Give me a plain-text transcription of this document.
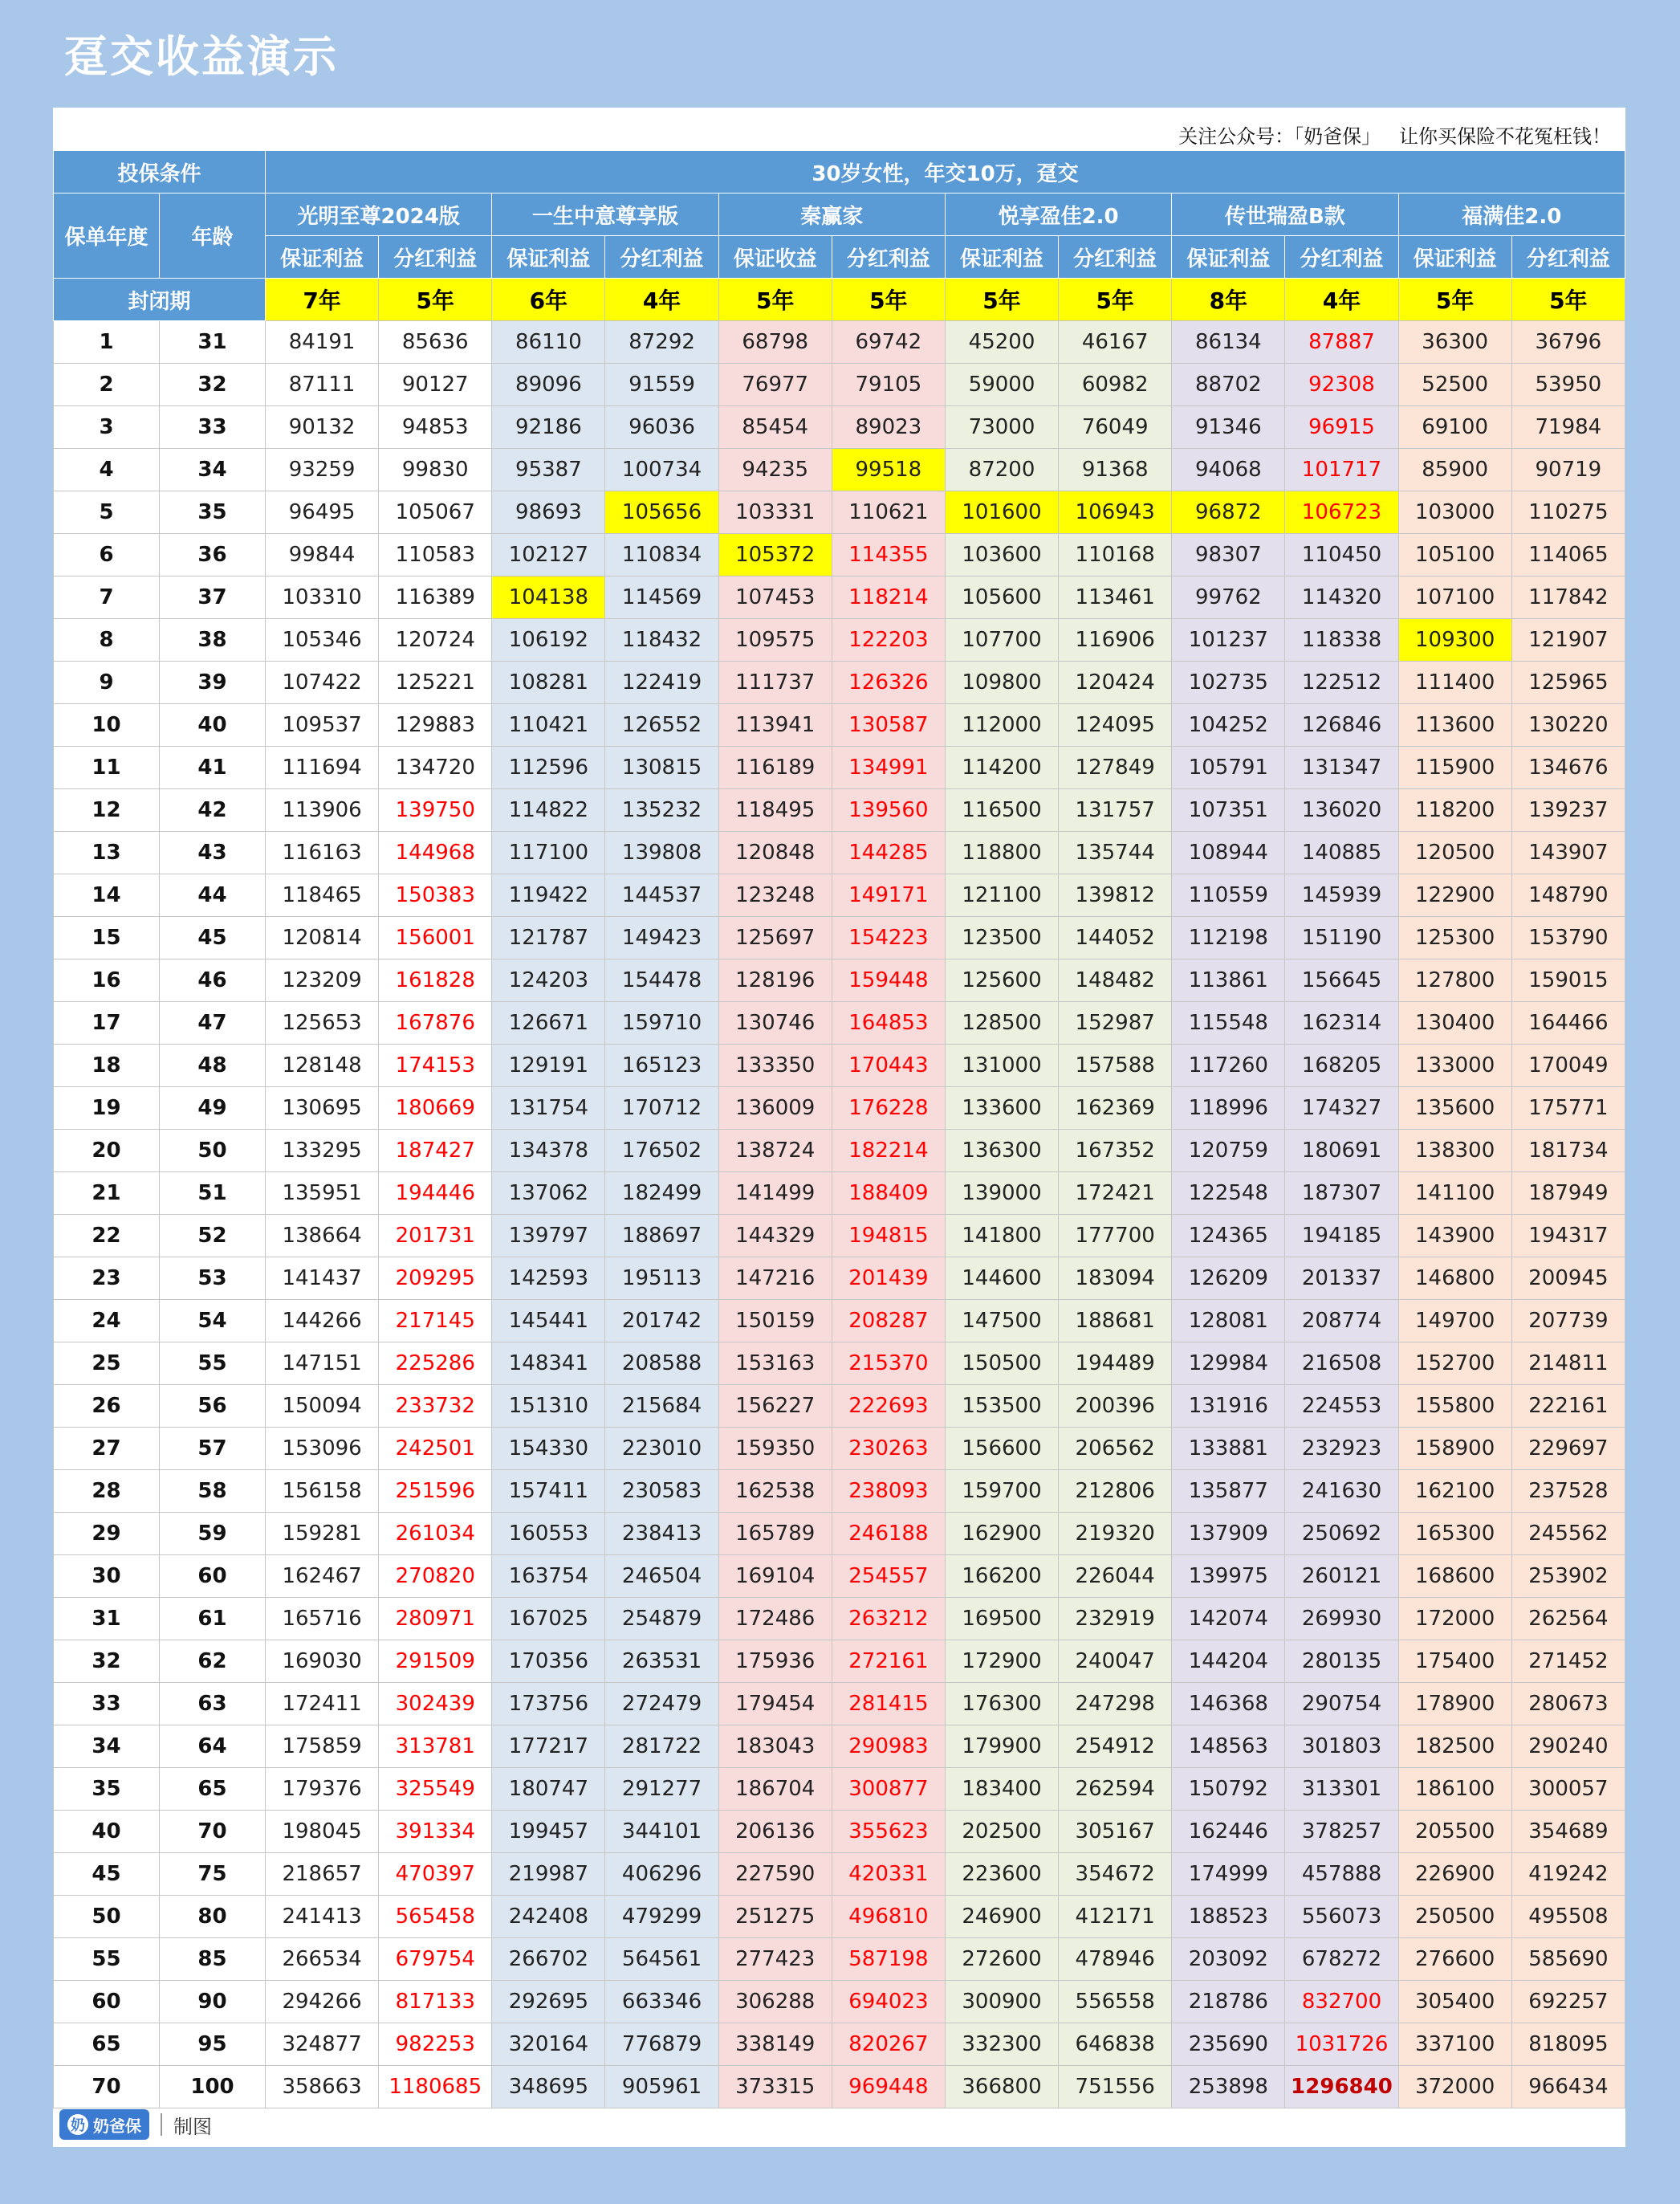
趸交收益演示
关注公众号：「奶爸保」   让你买保险不花冤枉钱！
投保条件		30岁女性，年交10万，趸交											
保单年度	年龄	光明至尊2024版		一生中意尊享版		秦赢家		悦享盈佳2.0		传世瑞盈B款		福满佳2.0	
		保证利益	分红利益	保证利益	分红利益	保证收益	分红利益	保证利益	分红利益	保证利益	分红利益	保证利益	分红利益
封闭期		7年	5年	6年	4年	5年	5年	5年	5年	8年	4年	5年	5年
1	31	84191	85636	86110	87292	68798	69742	45200	46167	86134	87887	36300	36796
2	32	87111	90127	89096	91559	76977	79105	59000	60982	88702	92308	52500	53950
3	33	90132	94853	92186	96036	85454	89023	73000	76049	91346	96915	69100	71984
4	34	93259	99830	95387	100734	94235	99518	87200	91368	94068	101717	85900	90719
5	35	96495	105067	98693	105656	103331	110621	101600	106943	96872	106723	103000	110275
6	36	99844	110583	102127	110834	105372	114355	103600	110168	98307	110450	105100	114065
7	37	103310	116389	104138	114569	107453	118214	105600	113461	99762	114320	107100	117842
8	38	105346	120724	106192	118432	109575	122203	107700	116906	101237	118338	109300	121907
9	39	107422	125221	108281	122419	111737	126326	109800	120424	102735	122512	111400	125965
10	40	109537	129883	110421	126552	113941	130587	112000	124095	104252	126846	113600	130220
11	41	111694	134720	112596	130815	116189	134991	114200	127849	105791	131347	115900	134676
12	42	113906	139750	114822	135232	118495	139560	116500	131757	107351	136020	118200	139237
13	43	116163	144968	117100	139808	120848	144285	118800	135744	108944	140885	120500	143907
14	44	118465	150383	119422	144537	123248	149171	121100	139812	110559	145939	122900	148790
15	45	120814	156001	121787	149423	125697	154223	123500	144052	112198	151190	125300	153790
16	46	123209	161828	124203	154478	128196	159448	125600	148482	113861	156645	127800	159015
17	47	125653	167876	126671	159710	130746	164853	128500	152987	115548	162314	130400	164466
18	48	128148	174153	129191	165123	133350	170443	131000	157588	117260	168205	133000	170049
19	49	130695	180669	131754	170712	136009	176228	133600	162369	118996	174327	135600	175771
20	50	133295	187427	134378	176502	138724	182214	136300	167352	120759	180691	138300	181734
21	51	135951	194446	137062	182499	141499	188409	139000	172421	122548	187307	141100	187949
22	52	138664	201731	139797	188697	144329	194815	141800	177700	124365	194185	143900	194317
23	53	141437	209295	142593	195113	147216	201439	144600	183094	126209	201337	146800	200945
24	54	144266	217145	145441	201742	150159	208287	147500	188681	128081	208774	149700	207739
25	55	147151	225286	148341	208588	153163	215370	150500	194489	129984	216508	152700	214811
26	56	150094	233732	151310	215684	156227	222693	153500	200396	131916	224553	155800	222161
27	57	153096	242501	154330	223010	159350	230263	156600	206562	133881	232923	158900	229697
28	58	156158	251596	157411	230583	162538	238093	159700	212806	135877	241630	162100	237528
29	59	159281	261034	160553	238413	165789	246188	162900	219320	137909	250692	165300	245562
30	60	162467	270820	163754	246504	169104	254557	166200	226044	139975	260121	168600	253902
31	61	165716	280971	167025	254879	172486	263212	169500	232919	142074	269930	172000	262564
32	62	169030	291509	170356	263531	175936	272161	172900	240047	144204	280135	175400	271452
33	63	172411	302439	173756	272479	179454	281415	176300	247298	146368	290754	178900	280673
34	64	175859	313781	177217	281722	183043	290983	179900	254912	148563	301803	182500	290240
35	65	179376	325549	180747	291277	186704	300877	183400	262594	150792	313301	186100	300057
40	70	198045	391334	199457	344101	206136	355623	202500	305167	162446	378257	205500	354689
45	75	218657	470397	219987	406296	227590	420331	223600	354672	174999	457888	226900	419242
50	80	241413	565458	242408	479299	251275	496810	246900	412171	188523	556073	250500	495508
55	85	266534	679754	266702	564561	277423	587198	272600	478946	203092	678272	276600	585690
60	90	294266	817133	292695	663346	306288	694023	300900	556558	218786	832700	305400	692257
65	95	324877	982253	320164	776879	338149	820267	332300	646838	235690	1031726	337100	818095
70	100	358663	1180685	348695	905961	373315	969448	366800	751556	253898	1296840	372000	966434
奶 奶爸保 制图
